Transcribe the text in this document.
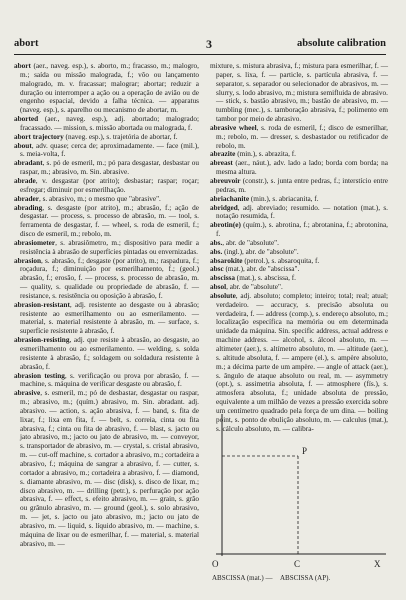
abort	3	absolute calibration

abort (aer., naveg. esp.), s. aborto, m.; fracasso, m.; malogro, m.; saída ou missão malograda, f.; vôo ou lançamento malogrado, m. v. fracassar; malograr; abortar; reduzir a duração ou interromper a ação ou a operação de avião ou de engenho espacial, devido a falha técnica. — apparatus (naveg. esp.), s. aparelho ou mecanismo de abortar, m.

aborted (aer., naveg. esp.), adj. abortado; malogrado; fracassado. — mission, s. missão abortada ou malograda, f.

abort trajectory (naveg. esp.), s. trajetória de abortar, f.

about, adv. quase; cerca de; aproximadamente. — face (mil.), s. meia-volta, f.

abradant, s. pó de esmeril, m.; pó para desgastar, desbastar ou raspar, m.; abrasivo, m. Sin. abrasive.

abrade, v. desgastar (por atrito); desbastar; raspar; roçar; esfregar; diminuir por esmerilhação.

abrader, s. abrasivo, m.; o mesmo que "abrasive".

abrading, s. desgaste (por atrito), m.; abrasão, f.; ação de desgastar. — process, s. processo de abrasão, m. — tool, s. ferramenta de desgastar, f. — wheel, s. roda de esmeril, f.; disco de esmeril, m.; rebolo, m.

abrasiometer, s. abrasiômetro, m.; dispositivo para medir a resistência à abrasão de superfícies pintadas ou envernizadas.

abrasion, s. abrasão, f.; desgaste (por atrito), m.; raspadura, f.; roçadura, f.; diminuição por esmerilhamento, f.; (geol.) abrasão, f.; erosão, f. — process, s. processo de abrasão, m. — quality, s. qualidade ou propriedade de abrasão, f. — resistance, s. resistência ou oposição à abrasão, f.

abrasion-resistant, adj. resistente ao desgaste ou à abrasão; resistente ao esmerilhamento ou ao esmerilamento. — material, s. material resistente à abrasão, m. — surface, s. superfície resistente à abrasão, f.

abrasion-resisting, adj. que resiste à abrasão, ao desgaste, ao esmerilhamento ou ao esmerilamento. — welding, s. solda resistente à abrasão, f.; soldagem ou soldadura resistente à abrasão, f.

abrasion testing, s. verificação ou prova por abrasão, f. — machine, s. máquina de verificar desgaste ou abrasão, f.

abrasive, s. esmeril, m.; pó de desbastar, desgastar ou raspar, m.; abrasivo, m.; (quím.) abrasivo, m. Sin. abradant. adj. abrasivo. — action, s. ação abrasiva, f. — band, s. fita de lixar, f.; lixa em fita, f. — belt, s. correia, cinta ou fita abrasiva, f.; cinta ou fita de abrasivo, f. — blast, s. jacto ou jato abrasivo, m.; jacto ou jato de abrasivo, m. — conveyor, s. transportador de abrasivo, m. — crystal, s. cristal abrasivo, m. — cut-off machine, s. cortador a abrasivo, m.; cortadeira a abrasivo, f.; máquina de sangrar a abrasivo, f. — cutter, s. cortador a abrasivo, m.; cortadeira a abrasivo, f. — diamond, s. diamante abrasivo, m. — disc (disk), s. disco de lixar, m.; disco abrasivo, m. — drilling (petr.), s. perfuração por ação abrasiva, f. — effect, s. efeito abrasivo, m. — grain, s. grão ou grânulo abrasivo, m. — ground (geol.), s. solo abrasivo, m. — jet, s. jacto ou jato abrasivo, m.; jacto ou jato de abrasivo, m. — liquid, s. líquido abrasivo, m. — machine, s. máquina de lixar ou de esmerilhar, f. — material, s. material abrasivo, m. —

mixture, s. mistura abrasiva, f.; mistura para esmerilhar, f. — paper, s. lixa, f. — particle, s. partícula abrasiva, f. — separator, s. separador ou selecionador de abrasivos, m. — slurry, s. lodo abrasivo, m.; mistura semifluida de abrasivo. — stick, s. bastão abrasivo, m.; bastão de abrasivo, m. — tumbling (mec.), s. tamboração abrasiva, f.; polimento em tambor por meio de abrasivo.

abrasive wheel, s. roda de esmeril, f.; disco de esmerilhar, m.; rebolo, m. — dresser, s. desbastador ou retificador de rebolo, m.

abrazite (min.), s. abrazita, f.

abreast (aer., náut.), adv. lado a lado; borda com borda; na mesma altura.

abreuvoir (constr.), s. junta entre pedras, f.; interstício entre pedras, m.

abriachanite (min.), s. abriacanita, f.

abridged, adj. abreviado; resumido. — notation (mat.), s. notação resumida, f.

abrotin(e) (quím.), s. abrotina, f.; abrotanina, f.; abrotonina, f.

abs., abr. de "absolute".

abs. (ingl.), abr. de "absolute".

absarokite (petrol.), s. absaroquita, f.

absc (mat.), abr. de "abscissa".

abscissa (mat.), s. abscissa, f.

absol, abr. de "absolute".

absolute, adj. absoluto; completo; inteiro; total; real; atual; verdadeiro. — accuracy, s. precisão absoluta ou verdadeira, f. — address (comp.), s. endereço absoluto, m.; localização específica na memória ou em determinada unidade da máquina. Sin. specific address, actual address e machine address. — alcohol, s. álcool absoluto, m. — altimeter (aer.), s. altímetro absoluto, m. — altitude (aer.), s. altitude absoluta, f. — ampere (el.), s. ampère absoluto, m.; a décima parte de um ampère. — angle of attack (aer.), s. ângulo de ataque absoluto ou real, m. — asymmetry (opt.), s. assimetria absoluta, f. — atmosphere (fís.), s. atmosfera absoluta, f.; unidade absoluta de pressão, equivalente a um milhão de vezes a pressão exercida sobre um centímetro quadrado pela força de um dina. — boiling point, s. ponto de ebulição absoluto, m. — calculus (mat.), s. cálculo absoluto, m. — calibra-

P
O	C	X
ABSCISSA (mat.) — ABSCISSA (AP).
